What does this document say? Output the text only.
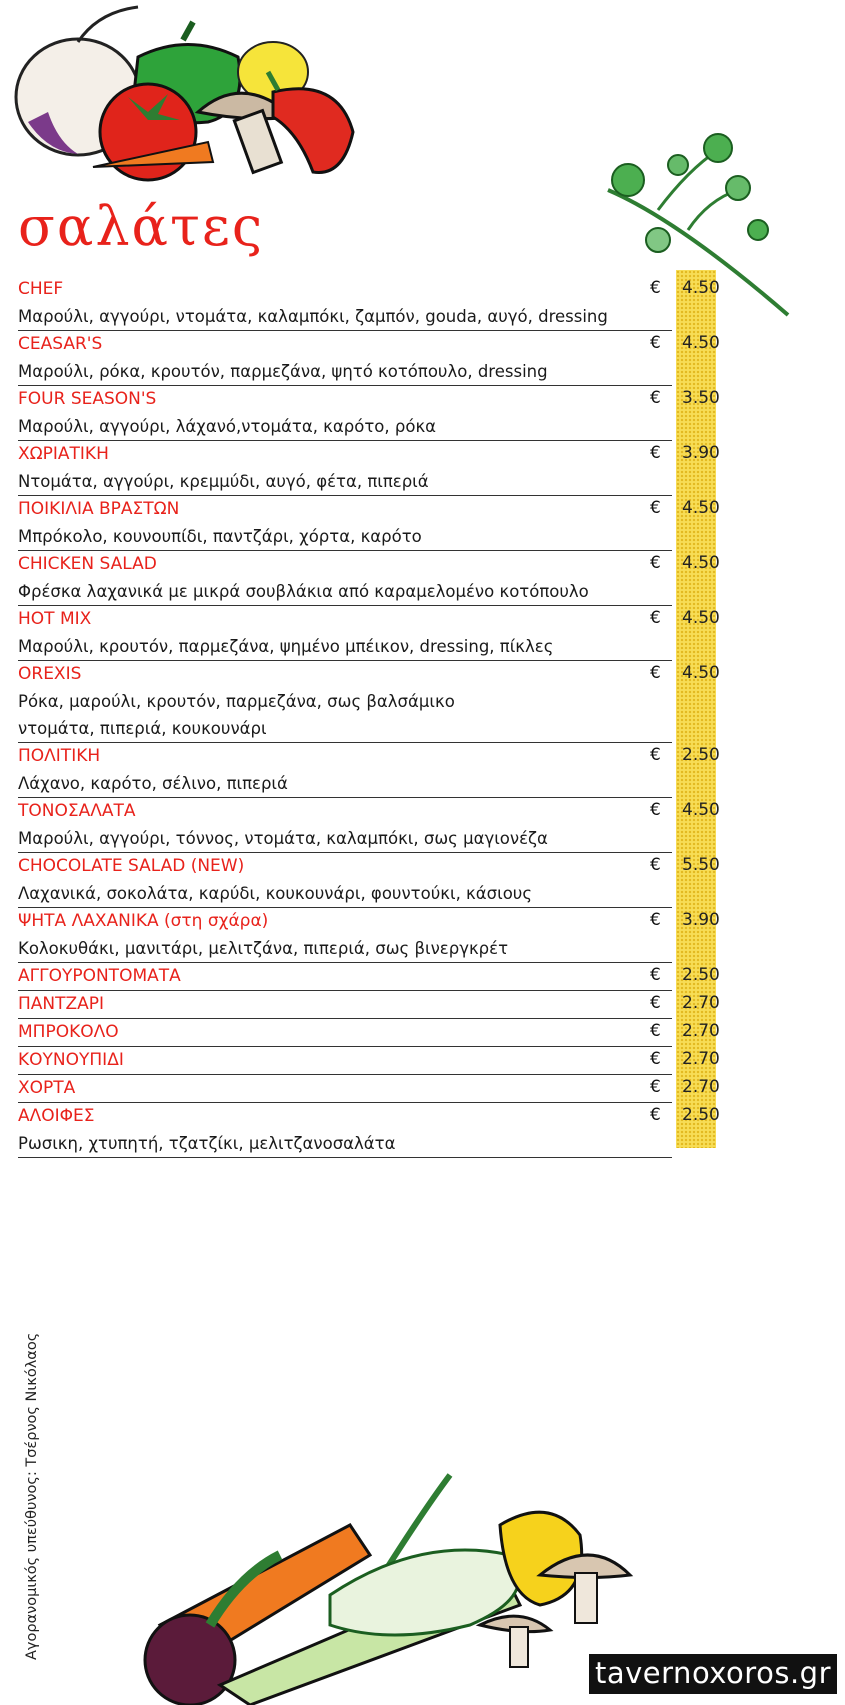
σαλάτες
CHEF	€ 4.50
Μαρούλι, αγγούρι, ντομάτα, καλαμπόκι, ζαμπόν, gouda, αυγό, dressing
CEASAR'S	€ 4.50
Μαρούλι, ρόκα, κρουτόν, παρμεζάνα, ψητό κοτόπουλο, dressing
FOUR SEASON'S	€ 3.50
Μαρούλι, αγγούρι, λάχανό,ντομάτα, καρότο, ρόκα
ΧΩΡΙΑΤΙΚΗ	€ 3.90
Ντομάτα, αγγούρι, κρεμμύδι, αυγό, φέτα, πιπεριά
ΠΟΙΚΙΛΙΑ ΒΡΑΣΤΩΝ	€ 4.50
Μπρόκολο, κουνουπίδι, παντζάρι, χόρτα, καρότο
CHICKEN SALAD	€ 4.50
Φρέσκα λαχανικά με μικρά σουβλάκια από καραμελομένο κοτόπουλο
HOT MIX	€ 4.50
Μαρούλι, κρουτόν, παρμεζάνα, ψημένο μπέικον, dressing, πίκλες
OREXIS	€ 4.50
Ρόκα, μαρούλι, κρουτόν, παρμεζάνα, σως βαλσάμικο
ντομάτα, πιπεριά, κουκουνάρι
ΠΟΛΙΤΙΚΗ	€ 2.50
Λάχανο, καρότο, σέλινο, πιπεριά
ΤΟΝΟΣΑΛΑΤΑ	€ 4.50
Μαρούλι, αγγούρι, τόννος, ντομάτα, καλαμπόκι, σως μαγιονέζα
CHOCOLATE SALAD (NEW)	€ 5.50
Λαχανικά, σοκολάτα, καρύδι, κουκουνάρι, φουντούκι, κάσιους
ΨΗΤΑ ΛΑΧΑΝΙΚΑ (στη σχάρα)	€ 3.90
Κολοκυθάκι, μανιτάρι, μελιτζάνα, πιπεριά, σως βινεργκρέτ
ΑΓΓΟΥΡΟΝΤΟΜΑΤΑ	€ 2.50
ΠΑΝΤΖΑΡΙ	€ 2.70
ΜΠΡΟΚΟΛΟ	€ 2.70
ΚΟΥΝΟΥΠΙΔΙ	€ 2.70
ΧΟΡΤΑ	€ 2.70
ΑΛΟΙΦΕΣ	€ 2.50
Ρωσικη, χτυπητή, τζατζίκι, μελιτζανοσαλάτα
Αγορανομικός υπεύθυνος: Τσέρνος Νικόλαος
tavernoxoros.gr
